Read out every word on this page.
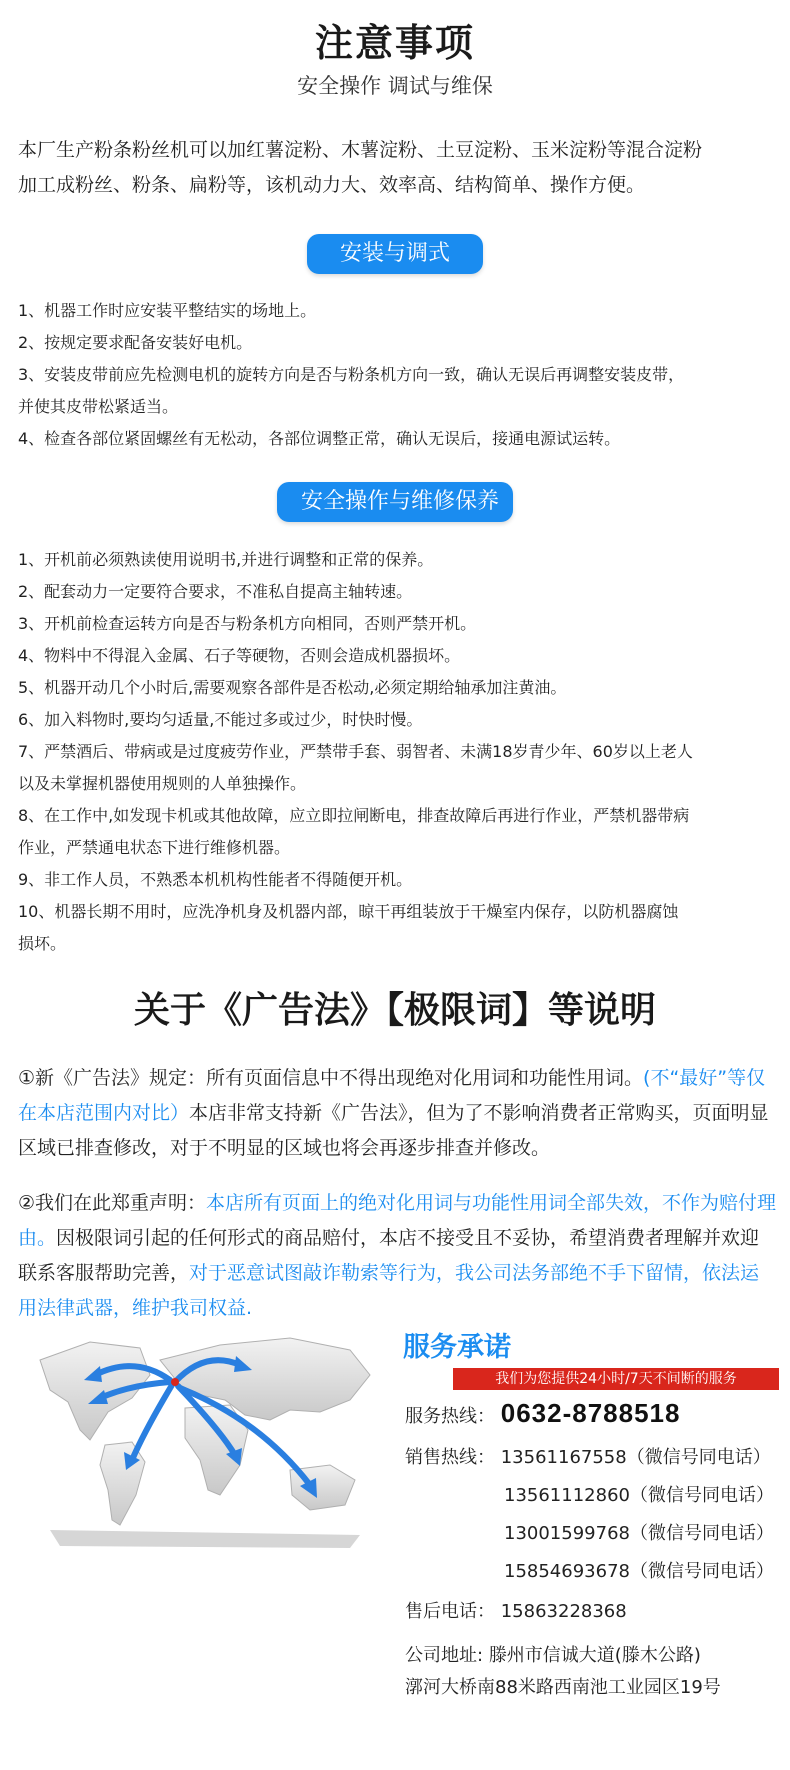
注意事项
安全操作 调试与维保
本厂生产粉条粉丝机可以加红薯淀粉、木薯淀粉、土豆淀粉、玉米淀粉等混合淀粉
加工成粉丝、粉条、扁粉等，该机动力大、效率高、结构简单、操作方便。
安装与调式
1、机器工作时应安装平整结实的场地上。
2、按规定要求配备安装好电机。
3、安装皮带前应先检测电机的旋转方向是否与粉条机方向一致，确认无误后再调整安装皮带，
并使其皮带松紧适当。
4、检查各部位紧固螺丝有无松动，各部位调整正常，确认无误后，接通电源试运转。
安全操作与维修保养
1、开机前必须熟读使用说明书,并进行调整和正常的保养。
2、配套动力一定要符合要求，不准私自提高主轴转速。
3、开机前检查运转方向是否与粉条机方向相同，否则严禁开机。
4、物料中不得混入金属、石子等硬物，否则会造成机器损坏。
5、机器开动几个小时后,需要观察各部件是否松动,必须定期给轴承加注黄油。
6、加入料物时,要均匀适量,不能过多或过少，时快时慢。
7、严禁酒后、带病或是过度疲劳作业，严禁带手套、弱智者、未满18岁青少年、60岁以上老人
以及未掌握机器使用规则的人单独操作。
8、在工作中,如发现卡机或其他故障，应立即拉闸断电，排查故障后再进行作业，严禁机器带病
作业，严禁通电状态下进行维修机器。
9、非工作人员，不熟悉本机机构性能者不得随便开机。
10、机器长期不用时，应洗净机身及机器内部，晾干再组装放于干燥室内保存，以防机器腐蚀
损坏。
关于《广告法》【极限词】等说明
①新《广告法》规定：所有页面信息中不得出现绝对化用词和功能性用词。(不“最好”等仅在本店范围内对比）本店非常支持新《广告法》，但为了不影响消费者正常购买，页面明显区域已排查修改，对于不明显的区域也将会再逐步排查并修改。
②我们在此郑重声明：本店所有页面上的绝对化用词与功能性用词全部失效，不作为赔付理由。因极限词引起的任何形式的商品赔付，本店不接受且不妥协，希望消费者理解并欢迎联系客服帮助完善，对于恶意试图敲诈勒索等行为，我公司法务部绝不手下留情，依法运用法律武器，维护我司权益.
服务承诺
我们为您提供24小时/7天不间断的服务
服务热线： 0632-8788518
销售热线： 13561167558（微信号同电话）
13561112860（微信号同电话）
13001599768（微信号同电话）
15854693678（微信号同电话）
售后电话： 15863228368
公司地址: 滕州市信诚大道(滕木公路)
漷河大桥南88米路西南池工业园区19号
